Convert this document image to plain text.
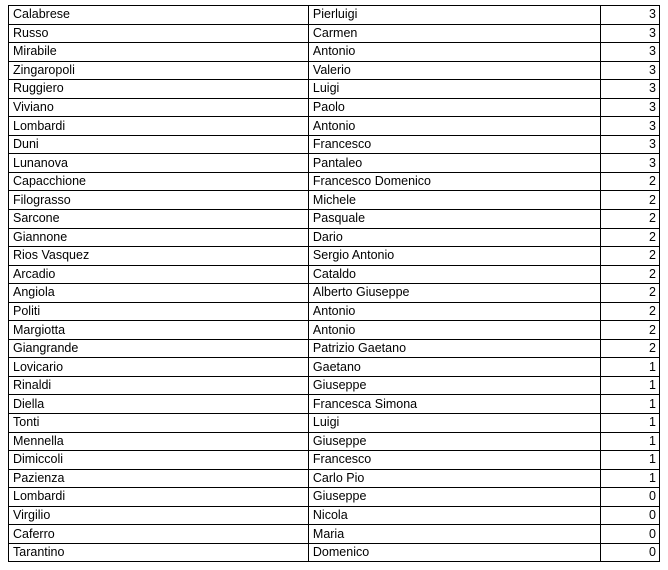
Calabrese	Pierluigi	3
Russo	Carmen	3
Mirabile	Antonio	3
Zingaropoli	Valerio	3
Ruggiero	Luigi	3
Viviano	Paolo	3
Lombardi	Antonio	3
Duni	Francesco	3
Lunanova	Pantaleo	3
Capacchione	Francesco Domenico	2
Filograsso	Michele	2
Sarcone	Pasquale	2
Giannone	Dario	2
Rios Vasquez	Sergio Antonio	2
Arcadio	Cataldo	2
Angiola	Alberto Giuseppe	2
Politi	Antonio	2
Margiotta	Antonio	2
Giangrande	Patrizio Gaetano	2
Lovicario	Gaetano	1
Rinaldi	Giuseppe	1
Diella	Francesca Simona	1
Tonti	Luigi	1
Mennella	Giuseppe	1
Dimiccoli	Francesco	1
Pazienza	Carlo Pio	1
Lombardi	Giuseppe	0
Virgilio	Nicola	0
Caferro	Maria	0
Tarantino	Domenico	0
